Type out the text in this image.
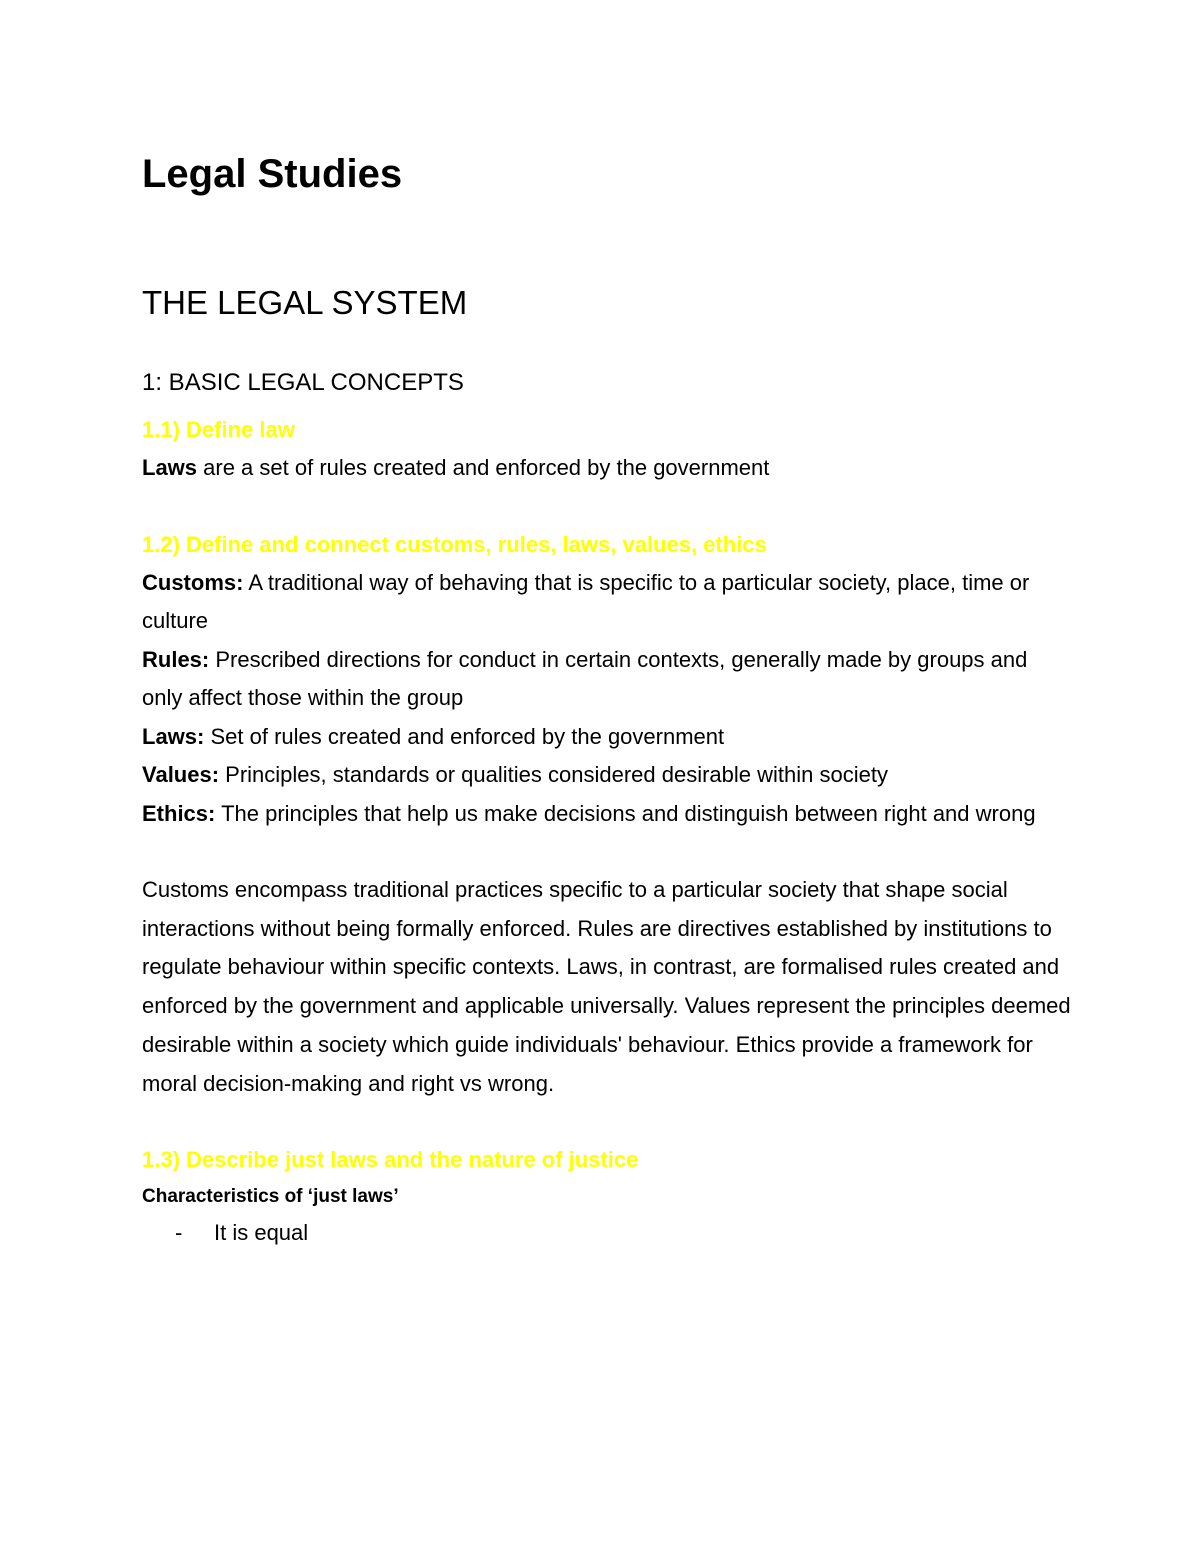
Legal Studies
THE LEGAL SYSTEM
1: BASIC LEGAL CONCEPTS
1.1) Define law

Laws are a set of rules created and enforced by the government

1.2) Define and connect customs, rules, laws, values, ethics

Customs: A traditional way of behaving that is specific to a particular society, place, time or culture

Rules: Prescribed directions for conduct in certain contexts, generally made by groups and only affect those within the group

Laws: Set of rules created and enforced by the government

Values: Principles, standards or qualities considered desirable within society

Ethics: The principles that help us make decisions and distinguish between right and wrong

Customs encompass traditional practices specific to a particular society that shape social interactions without being formally enforced. Rules are directives established by institutions to regulate behaviour within specific contexts. Laws, in contrast, are formalised rules created and enforced by the government and applicable universally. Values represent the principles deemed desirable within a society which guide individuals' behaviour. Ethics provide a framework for moral decision-making and right vs wrong.

1.3) Describe just laws and the nature of justice
Characteristics of ‘just laws’
-	It is equal
